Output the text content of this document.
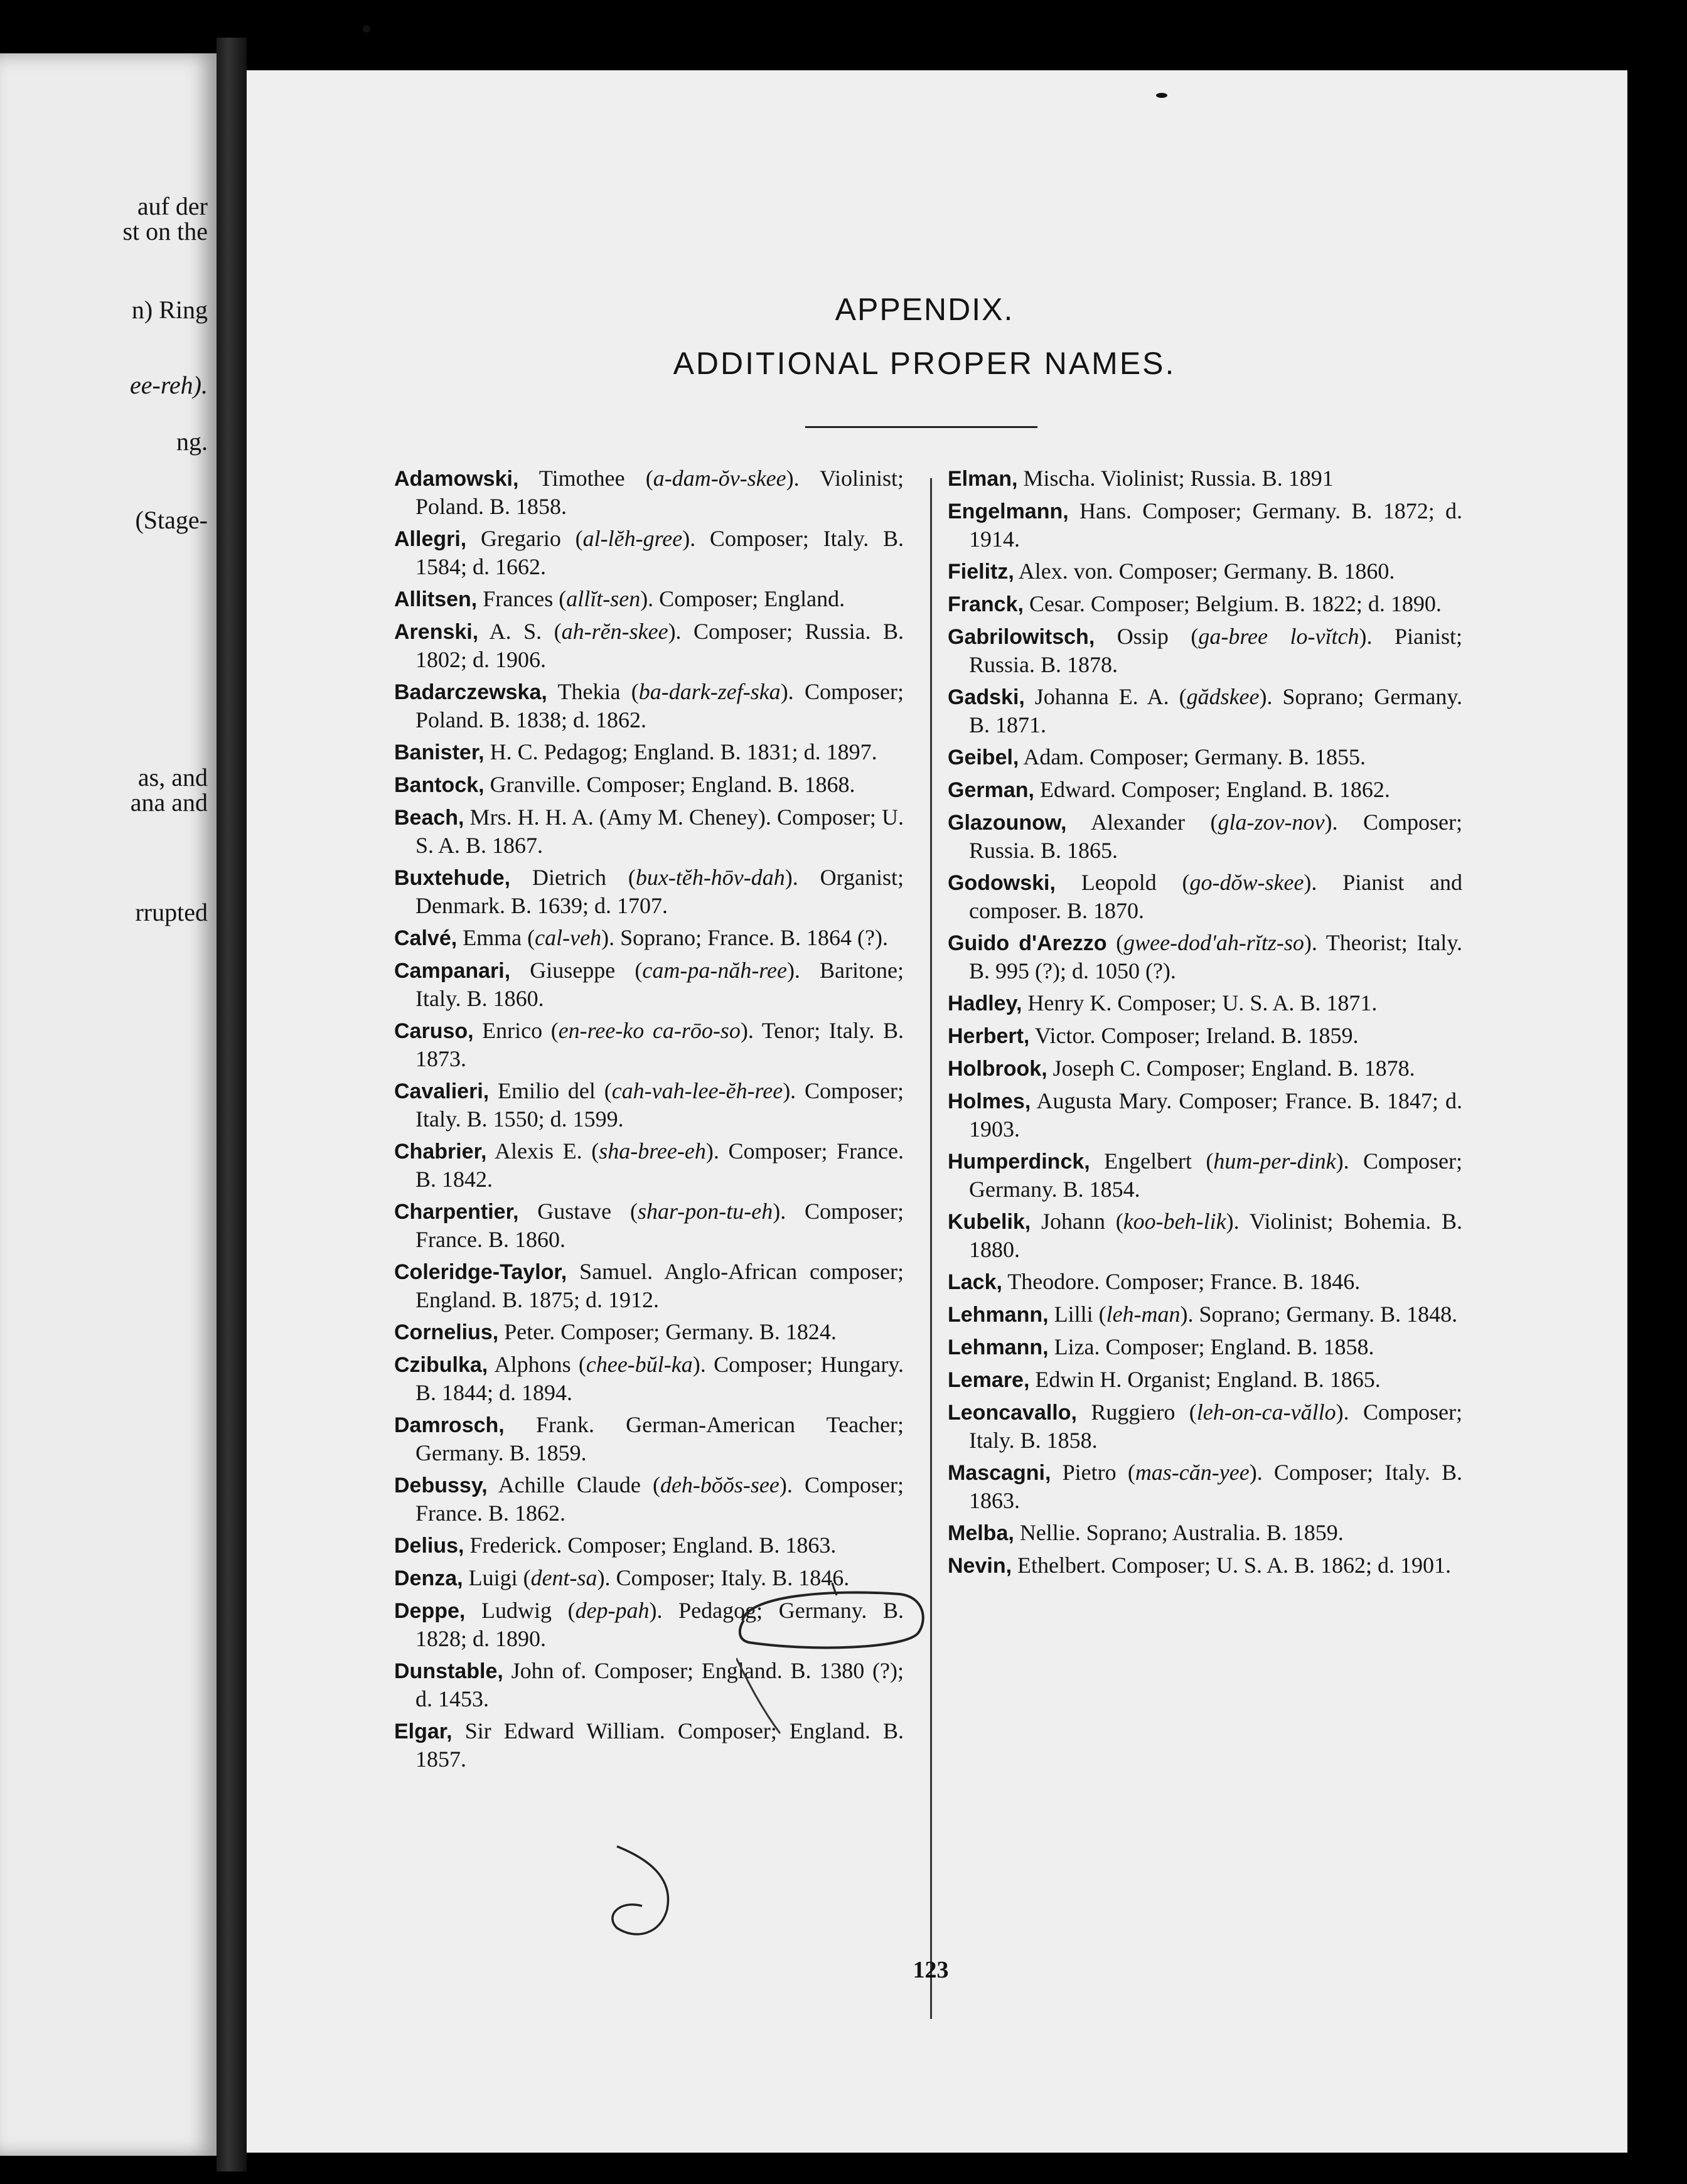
auf der
st on the
n) Ring
ee-reh).
ng.
(Stage-
as, and
ana and
rrupted
APPENDIX.
ADDITIONAL PROPER NAMES.
Adamowski, Timothee (a-dam-ŏv-skee). Violinist; Poland. B. 1858.
Allegri, Gregario (al-lĕh-gree). Composer; Italy. B. 1584; d. 1662.
Allitsen, Frances (allĭt-sen). Composer; England.
Arenski, A. S. (ah-rĕn-skee). Composer; Russia. B. 1802; d. 1906.
Badarczewska, Thekia (ba-dark-zef-ska). Composer; Poland. B. 1838; d. 1862.
Banister, H. C. Pedagog; England. B. 1831; d. 1897.
Bantock, Granville. Composer; England. B. 1868.
Beach, Mrs. H. H. A. (Amy M. Cheney). Composer; U. S. A. B. 1867.
Buxtehude, Dietrich (bux-tĕh-hōv-dah). Organist; Denmark. B. 1639; d. 1707.
Calvé, Emma (cal-veh). Soprano; France. B. 1864 (?).
Campanari, Giuseppe (cam-pa-năh-ree). Baritone; Italy. B. 1860.
Caruso, Enrico (en-ree-ko ca-rōo-so). Tenor; Italy. B. 1873.
Cavalieri, Emilio del (cah-vah-lee-ĕh-ree). Composer; Italy. B. 1550; d. 1599.
Chabrier, Alexis E. (sha-bree-eh). Composer; France. B. 1842.
Charpentier, Gustave (shar-pon-tu-eh). Composer; France. B. 1860.
Coleridge-Taylor, Samuel. Anglo-African composer; England. B. 1875; d. 1912.
Cornelius, Peter. Composer; Germany. B. 1824.
Czibulka, Alphons (chee-bŭl-ka). Composer; Hungary. B. 1844; d. 1894.
Damrosch, Frank. German-American Teacher; Germany. B. 1859.
Debussy, Achille Claude (deh-bŏŏs-see). Composer; France. B. 1862.
Delius, Frederick. Composer; England. B. 1863.
Denza, Luigi (dent-sa). Composer; Italy. B. 1846.
Deppe, Ludwig (dep-pah). Pedagog; Germany. B. 1828; d. 1890.
Dunstable, John of. Composer; England. B. 1380 (?); d. 1453.
Elgar, Sir Edward William. Composer; England. B. 1857.
Elman, Mischa. Violinist; Russia. B. 1891
Engelmann, Hans. Composer; Germany. B. 1872; d. 1914.
Fielitz, Alex. von. Composer; Germany. B. 1860.
Franck, Cesar. Composer; Belgium. B. 1822; d. 1890.
Gabrilowitsch, Ossip (ga-bree lo-vĭtch). Pianist; Russia. B. 1878.
Gadski, Johanna E. A. (gădskee). Soprano; Germany. B. 1871.
Geibel, Adam. Composer; Germany. B. 1855.
German, Edward. Composer; England. B. 1862.
Glazounow, Alexander (gla-zov-nov). Composer; Russia. B. 1865.
Godowski, Leopold (go-dŏw-skee). Pianist and composer. B. 1870.
Guido d'Arezzo (gwee-dod'ah-rĭtz-so). Theorist; Italy. B. 995 (?); d. 1050 (?).
Hadley, Henry K. Composer; U. S. A. B. 1871.
Herbert, Victor. Composer; Ireland. B. 1859.
Holbrook, Joseph C. Composer; England. B. 1878.
Holmes, Augusta Mary. Composer; France. B. 1847; d. 1903.
Humperdinck, Engelbert (hum-per-dink). Composer; Germany. B. 1854.
Kubelik, Johann (koo-beh-lik). Violinist; Bohemia. B. 1880.
Lack, Theodore. Composer; France. B. 1846.
Lehmann, Lilli (leh-man). Soprano; Germany. B. 1848.
Lehmann, Liza. Composer; England. B. 1858.
Lemare, Edwin H. Organist; England. B. 1865.
Leoncavallo, Ruggiero (leh-on-ca-văllo). Composer; Italy. B. 1858.
Mascagni, Pietro (mas-căn-yee). Composer; Italy. B. 1863.
Melba, Nellie. Soprano; Australia. B. 1859.
Nevin, Ethelbert. Composer; U. S. A. B. 1862; d. 1901.
123
